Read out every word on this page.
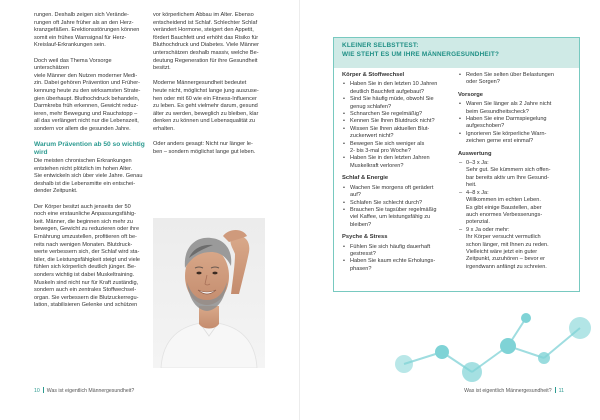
rungen. Deshalb zeigen sich Verände-
rungen oft Jahre früher als an den Herz-
kranzgefäßen. Erektionsstörungen können
somit ein frühes Warnsignal für Herz-
Kreislauf-Erkrankungen sein.

Doch weil das Thema Vorsorge unterschätzen
viele Männer den Nutzen moderner Medi-
zin. Dabei gehören Prävention und Früher-
kennung heute zu den wirksamsten Strate-
gien überhaupt. Bluthochdruck behandeln,
Darmkrebs früh erkennen, Gewicht reduz-
ieren, mehr Bewegung und Rauchstopp –
all das verlängert nicht nur die Lebenszeit,
sondern vor allem die gesunden Jahre.

Warum Prävention ab 50 so wichtig
wird

Die meisten chronischen Erkrankungen
entstehen nicht plötzlich im hohen Alter.
Sie entwickeln sich über viele Jahre. Genau
deshalb ist die Lebensmitte ein entschei-
dender Zeitpunkt.

Der Körper besitzt auch jenseits der 50
noch eine erstaunliche Anpassungsfähig-
keit. Männer, die beginnen sich mehr zu
bewegen, Gewicht zu reduzieren oder ihre
Ernährung umzustellen, profitieren oft be-
reits nach wenigen Monaten. Blutdruck-
werte verbessern sich, der Schlaf wird sta-
biler, die Leistungsfähigkeit steigt und viele
fühlen sich körperlich deutlich jünger. Be-
sonders wichtig ist dabei Muskeltraining.
Muskeln sind nicht nur für Kraft zuständig,
sondern auch ein zentrales Stoffwechsel-
organ. Sie verbessern die Blutzuckerregu-
lation, stabilisieren Gelenke und schützen

vor körperlichem Abbau im Alter. Ebenso
entscheidend ist Schlaf. Schlechter Schlaf
verändert Hormone, steigert den Appetit,
fördert Bauchfett und erhöht das Risiko für
Bluthochdruck und Diabetes. Viele Männer
unterschätzen deshalb massiv, welche Be-
deutung Regeneration für ihre Gesundheit
besitzt.

Moderne Männergesundheit bedeutet
heute nicht, möglichst lange jung auszuse-
hen oder mit 60 wie ein Fitness-Influencer
zu leben. Es geht vielmehr darum, gesund
älter zu werden, beweglich zu bleiben, klar
denken zu können und Lebensqualität zu
erhalten.

Oder anders gesagt: Nicht nur länger le-
ben – sondern möglichst lange gut leben.

10 Was ist eigentlich Männergesundheit?	Was ist eigentlich Männergesundheit? 11
KLEINER SELBSTTEST:
WIE STEHT ES UM IHRE MÄNNERGESUNDHEIT?
Körper & Stoffwechsel
• Haben Sie in den letzten 10 Jahren
deutlich Bauchfett aufgebaut?
• Sind Sie häufig müde, obwohl Sie
genug schlafen?
• Schnarchen Sie regelmäßig?
• Kennen Sie Ihren Blutdruck nicht?
• Wissen Sie Ihren aktuellen Blut-
zuckerwert nicht?
• Bewegen Sie sich weniger als
2- bis 3-mal pro Woche?
• Haben Sie in den letzten Jahren
Muskelkraft verloren?
Schlaf & Energie
• Wachen Sie morgens oft gerädert
auf?
• Schlafen Sie schlecht durch?
• Brauchen Sie tagsüber regelmäßig
viel Kaffee, um leistungsfähig zu
bleiben?
Psyche & Stress
• Fühlen Sie sich häufig dauerhaft
gestresst?
• Haben Sie kaum echte Erholungs-
phasen?
• Reden Sie selten über Belastungen
oder Sorgen?
Vorsorge
• Waren Sie länger als 2 Jahre nicht
beim Gesundheitscheck?
• Haben Sie eine Darmspiegelung
aufgeschoben?
• Ignorieren Sie körperliche Warn-
zeichen gerne erst einmal?
Auswertung
– 0–3 x Ja:
Sehr gut. Sie kümmern sich offen-
bar bereits aktiv um Ihre Gesund-
heit.
– 4–8 x Ja:
Willkommen im echten Leben.
Es gibt einige Baustellen, aber
auch enormes Verbesserungs-
potenzial.
– 9 x Ja oder mehr:
Ihr Körper versucht vermutlich
schon länger, mit Ihnen zu reden.
Vielleicht wäre jetzt ein guter
Zeitpunkt, zuzuhören – bevor er
irgendwann anfängt zu schreien.
